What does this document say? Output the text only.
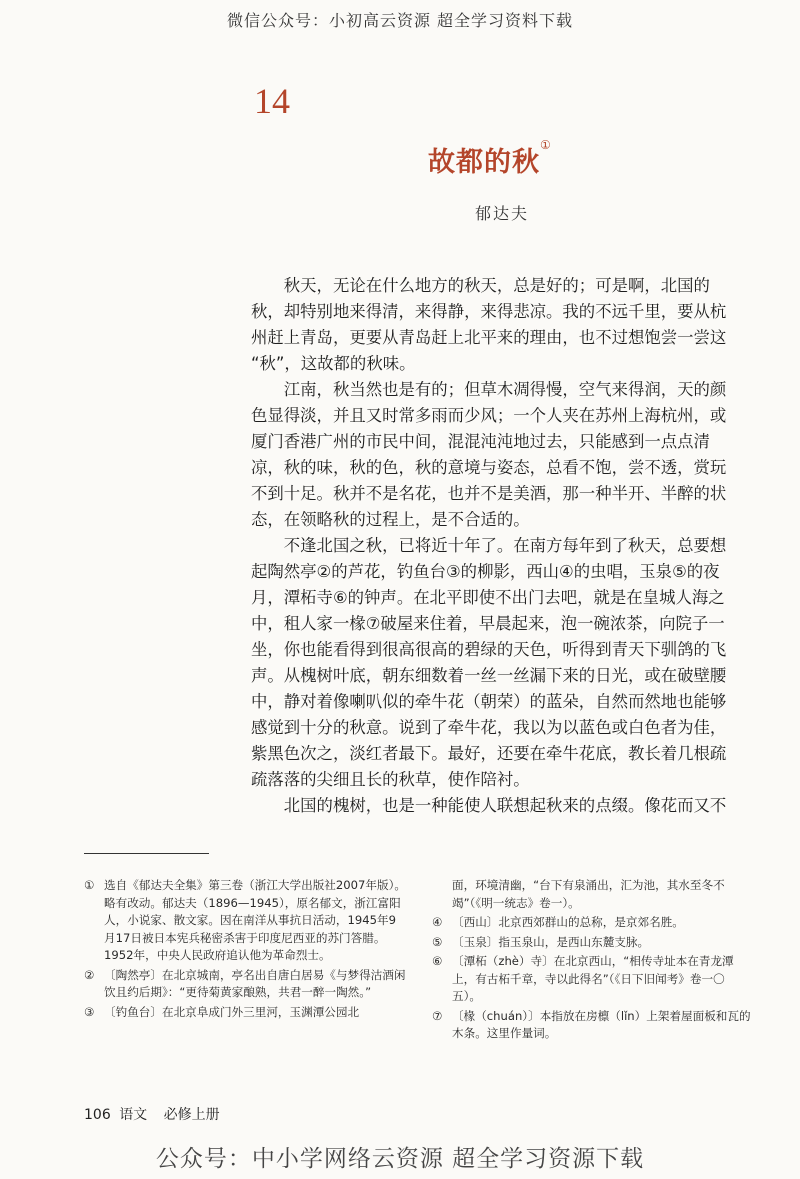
微信公众号：小初高云资源 超全学习资料下载
14
故都的秋①
郁达夫
　　秋天，无论在什么地方的秋天，总是好的；可是啊，北国的
秋，却特别地来得清，来得静，来得悲凉。我的不远千里，要从杭
州赶上青岛，更要从青岛赶上北平来的理由，也不过想饱尝一尝这
“秋”，这故都的秋味。
　　江南，秋当然也是有的；但草木凋得慢，空气来得润，天的颜
色显得淡，并且又时常多雨而少风；一个人夹在苏州上海杭州，或
厦门香港广州的市民中间，混混沌沌地过去，只能感到一点点清
凉，秋的味，秋的色，秋的意境与姿态，总看不饱，尝不透，赏玩
不到十足。秋并不是名花，也并不是美酒，那一种半开、半醉的状
态，在领略秋的过程上，是不合适的。
　　不逢北国之秋，已将近十年了。在南方每年到了秋天，总要想
起陶然亭②的芦花，钓鱼台③的柳影，西山④的虫唱，玉泉⑤的夜
月，潭柘寺⑥的钟声。在北平即使不出门去吧，就是在皇城人海之
中，租人家一椽⑦破屋来住着，早晨起来，泡一碗浓茶，向院子一
坐，你也能看得到很高很高的碧绿的天色，听得到青天下驯鸽的飞
声。从槐树叶底，朝东细数着一丝一丝漏下来的日光，或在破壁腰
中，静对着像喇叭似的牵牛花（朝荣）的蓝朵，自然而然地也能够
感觉到十分的秋意。说到了牵牛花，我以为以蓝色或白色者为佳，
紫黑色次之，淡红者最下。最好，还要在牵牛花底，教长着几根疏
疏落落的尖细且长的秋草，使作陪衬。
　　北国的槐树，也是一种能使人联想起秋来的点缀。像花而又不
① 选自《郁达夫全集》第三卷（浙江大学出版社2007年版）。略有改动。郁达夫（1896—1945），原名郁文，浙江富阳人，小说家、散文家。因在南洋从事抗日活动，1945年9月17日被日本宪兵秘密杀害于印度尼西亚的苏门答腊。1952年，中央人民政府追认他为革命烈士。
② 〔陶然亭〕在北京城南，亭名出自唐白居易《与梦得沽酒闲饮且约后期》：“更待菊黄家酿熟，共君一醉一陶然。”
③ 〔钓鱼台〕在北京阜成门外三里河，玉渊潭公园北
面，环境清幽，“台下有泉涌出，汇为池，其水至冬不竭”（《明一统志》卷一）。
④ 〔西山〕北京西郊群山的总称，是京郊名胜。
⑤ 〔玉泉〕指玉泉山，是西山东麓支脉。
⑥ 〔潭柘（zhè）寺〕在北京西山，“相传寺址本在青龙潭上，有古柘千章，寺以此得名”（《日下旧闻考》卷一〇五）。
⑦ 〔椽（chuán）〕本指放在房檩（lǐn）上架着屋面板和瓦的木条。这里作量词。
106 语文 必修上册
公众号：中小学网络云资源 超全学习资源下载
